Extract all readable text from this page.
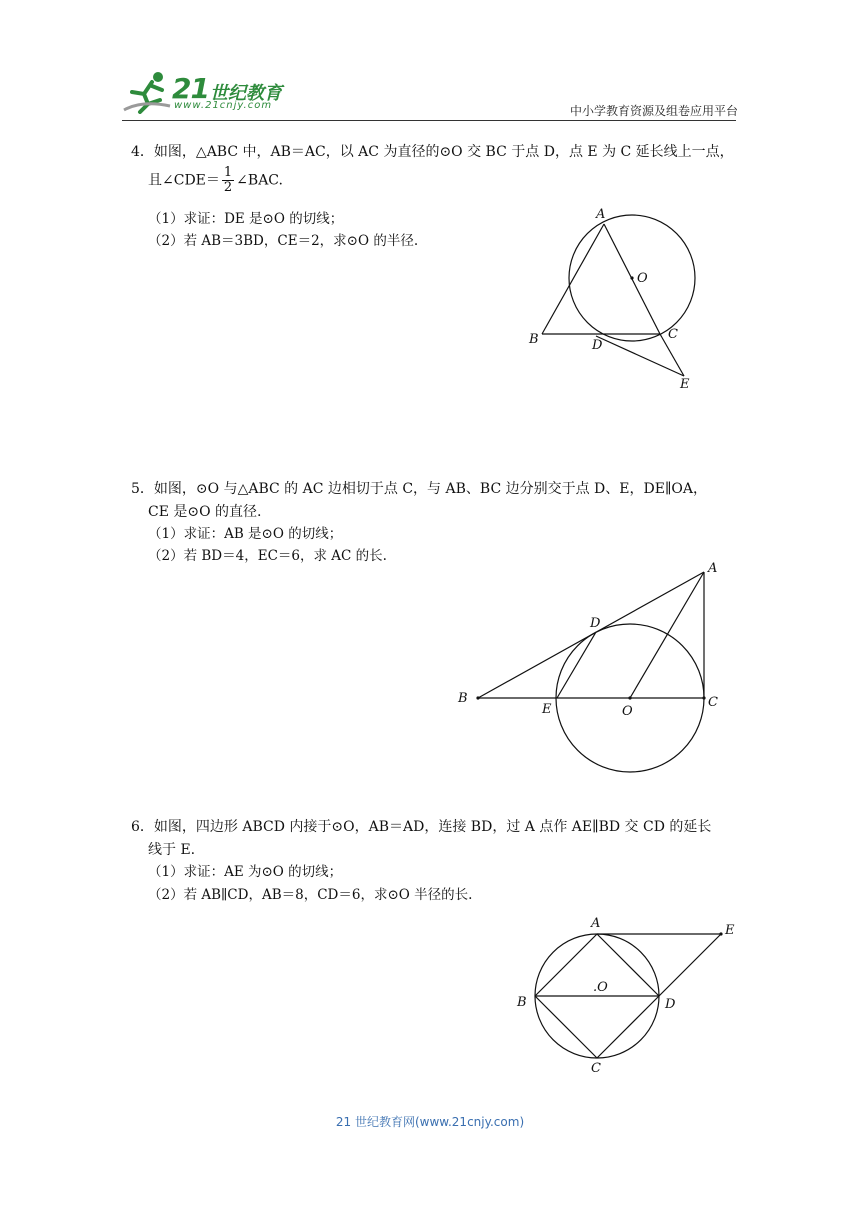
21 世纪教育
www.21cnjy.com	中小学教育资源及组卷应用平台
4．如图，△ABC 中，AB＝AC，以 AC 为直径的⊙O 交 BC 于点 D，点 E 为 C 延长线上一点，
且∠CDE＝ $\frac{1}{2}$ ∠BAC.
（1）求证：DE 是⊙O 的切线；
（2）若 AB＝3BD，CE＝2，求⊙O 的半径.
A
O
B	D
C
E
5．如图，⊙O 与△ABC 的 AC 边相切于点 C，与 AB、BC 边分别交于点 D、E，DE∥OA，
CE 是⊙O 的直径.
（1）求证：AB 是⊙O 的切线；
（2）若 BD＝4，EC＝6，求 AC 的长.
A
D
B
E	O
C
6．如图，四边形 ABCD 内接于⊙O，AB＝AD，连接 BD，过 A 点作 AE∥BD 交 CD 的延长
线于 E.
（1）求证：AE 为⊙O 的切线；
（2）若 AB∥CD，AB＝8，CD＝6，求⊙O 半径的长.
A	E
.O
B	D
C
21 世纪教育网(www.21cnjy.com)
